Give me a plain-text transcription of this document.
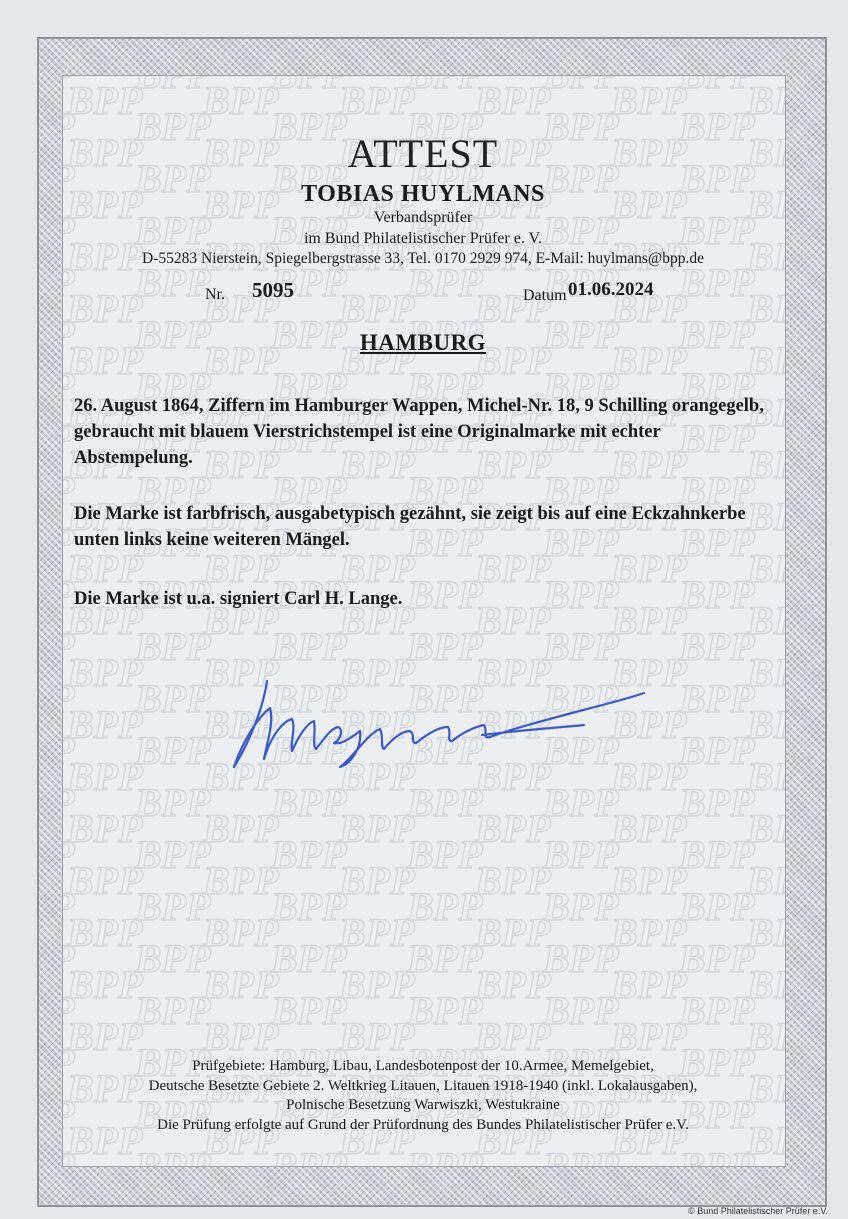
ATTEST
TOBIAS HUYLMANS
Verbandsprüfer
im Bund Philatelistischer Prüfer e. V.
D-55283 Nierstein, Spiegelbergstrasse 33, Tel. 0170 2929 974, E-Mail: huylmans@bpp.de
Nr. 5095	Datum 01.06.2024
HAMBURG
26. August 1864, Ziffern im Hamburger Wappen, Michel-Nr. 18, 9 Schilling orangegelb, gebraucht mit blauem Vierstrichstempel ist eine Originalmarke mit echter Abstempelung.
Die Marke ist farbfrisch, ausgabetypisch gezähnt, sie zeigt bis auf eine Eckzahnkerbe unten links keine weiteren Mängel.
Die Marke ist u.a. signiert Carl H. Lange.
Prüfgebiete: Hamburg, Libau, Landesbotenpost der 10.Armee, Memelgebiet,
Deutsche Besetzte Gebiete 2. Weltkrieg Litauen, Litauen 1918-1940 (inkl. Lokalausgaben),
Polnische Besetzung Warwiszki, Westukraine
Die Prüfung erfolgte auf Grund der Prüfordnung des Bundes Philatelistischer Prüfer e.V.
© Bund Philatelistischer Prüfer e.V.
